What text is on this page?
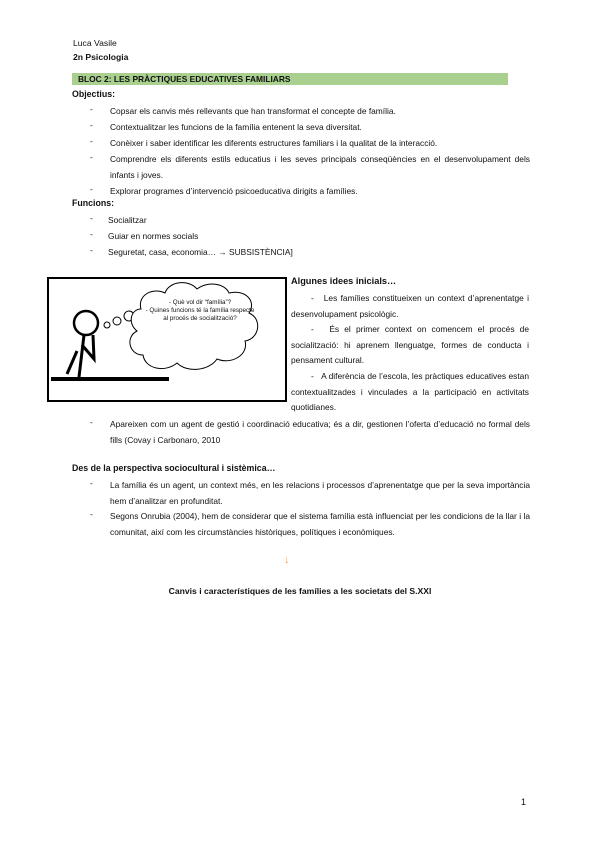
Luca Vasile
2n Psicologia
BLOC 2: LES PRÀCTIQUES EDUCATIVES FAMILIARS
Objectius:
- Copsar els canvis més rellevants que han transformat el concepte de família.
- Contextualitzar les funcions de la família entenent la seva diversitat.
- Conèixer i saber identificar les diferents estructures familiars i la qualitat de la interacció.
- Comprendre els diferents estils educatius i les seves principals conseqüències en el desenvolupament dels infants i joves.
- Explorar programes d’intervenció psicoeducativa dirigits a famílies.
Funcions:
- Socialitzar
- Guiar en normes socials
- Seguretat, casa, economia… → SUBSISTÈNCIA]
- Què vol dir “família”?
- Quines funcions té la família respecte al procés de socialització?
Algunes idees inicials…
-   Les famílies constitueixen un context d’aprenentatge i desenvolupament psicològic.
-   És el primer context on comencem el procés de socialització: hi aprenem llenguatge, formes de conducta i pensament cultural.
-   A diferència de l’escola, les pràctiques educatives estan contextualitzades i vinculades a la participació en activitats quotidianes.
- Apareixen com un agent de gestió i coordinació educativa; és a dir, gestionen l’oferta d’educació no formal dels fills (Covay i Carbonaro, 2010
Des de la perspectiva sociocultural i sistèmica…
- La família és un agent, un context més, en les relacions i processos d’aprenentatge que per la seva importància hem d’analitzar en profunditat.
- Segons Onrubia (2004), hem de considerar que el sistema família està influenciat per les condicions de la llar i la comunitat, així com les circumstàncies històriques, polítiques i econòmiques.
↓
Canvis i característiques de les famílies a les societats del S.XXI
1
